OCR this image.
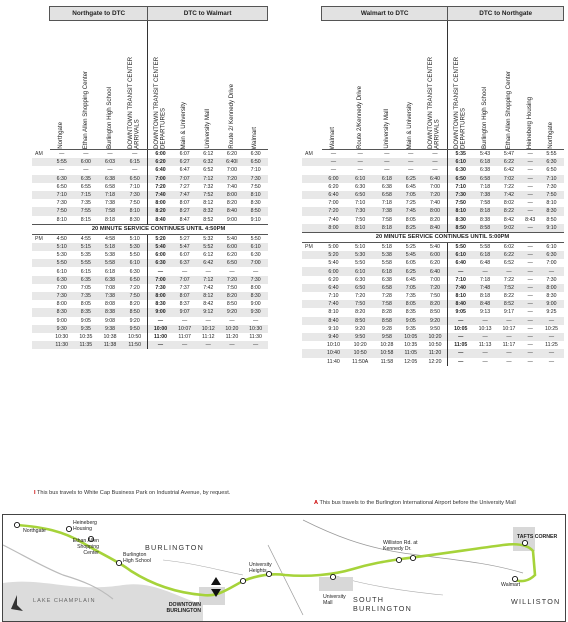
	Northgate to DTC				DTC to Walmart				

	Northgate	Ethan Allen Shopping Center	Burlington High School	DOWNTOWN TRANSIT CENTER ARRIVALS	DOWNTOWN TRANSIT CENTER DEPARTURES	Main & University	University Mall	Route 2/ Kennedy Drive	Walmart

AM	—	—	—	—	6:00	6:07	6:12	6:20	6:30
	5:55	6:00	6:03	6:15	6:20	6:27	6:32	6:40I	6:50
	—	—	—	—	6:40	6:47	6:52	7:00	7:10
	6:30	6:35	6:38	6:50	7:00	7:07	7:12	7:20	7:30
	6:50	6:55	6:58	7:10	7:20	7:27	7:32	7:40	7:50
	7:10	7:15	7:18	7:30	7:40	7:47	7:52	8:00	8:10
	7:30	7:35	7:38	7:50	8:00	8:07	8:12	8:20	8:30
	7:50	7:55	7:58	8:10	8:20	8:27	8:32	8:40	8:50
	8:10	8:15	8:18	8:30	8:40	8:47	8:52	9:00	9:10
	20 MINUTE SERVICE CONTINUES UNTIL 4:50PM								
PM	4:50	4:55	4:58	5:10	5:20	5:27	5:32	5:40	5:50
	5:10	5:15	5:18	5:30	5:40	5:47	5:52	6:00	6:10
	5:30	5:35	5:38	5:50	6:00	6:07	6:12	6:20	6:30
	5:50	5:55	5:58	6:10	6:30	6:37	6:42	6:50	7:00
	6:10	6:15	6:18	6:30	—	—	—	—	—
	6:30	6:35	6:38	6:50	7:00	7:07	7:12	7:20	7:30
	7:00	7:05	7:08	7:20	7:30	7:37	7:42	7:50	8:00
	7:30	7:35	7:38	7:50	8:00	8:07	8:12	8:20	8:30
	8:00	8:05	8:08	8:20	8:30	8:37	8:42	8:50	9:00
	8:30	8:35	8:38	8:50	9:00	9:07	9:12	9:20	9:30
	9:00	9:05	9:08	9:20	—	—	—	—	—
	9:30	9:35	9:38	9:50	10:00	10:07	10:12	10:20	10:30
	10:30	10:35	10:38	10:50	11:00	11:07	11:12	11:20	11:30
	11:30	11:35	11:38	11:50	—	—	—	—	—
	Walmart to DTC					DTC to Northgate				

	Walmart	Route 2/Kennedy Drive	University Mall	Main & University	DOWNTOWN TRANSIT CENTER ARRIVALS	DOWNTOWN TRANSIT CENTER DEPARTURES	Burlington High School	Ethan Allen Shopping Center	Heineberg Housing	Northgate

AM	—	—	—	—	—	5:35	5:43	5:47	—	5:55
	—	—	—	—	—	6:10	6:18	6:22	—	6:30
	—	—	—	—	—	6:30	6:38	6:42	—	6:50
	6:00	6:10	6:18	6:25	6:40	6:50	6:58	7:02	—	7:10
	6:20	6:30	6:38	6:45	7:00	7:10	7:18	7:22	—	7:30
	6:40	6:50	6:58	7:05	7:20	7:30	7:38	7:42	—	7:50
	7:00	7:10	7:18	7:25	7:40	7:50	7:58	8:02	—	8:10
	7:20	7:30	7:38	7:45	8:00	8:10	8:18	8:22	—	8:30
	7:40	7:50	7:58	8:05	8:20	8:30	8:38	8:42	8:43	8:50
	8:00	8:10	8:18	8:25	8:40	8:50	8:58	9:02	—	9:10
	20 MINUTE SERVICE CONTINUES UNTIL 5:00PM									
PM	5:00	5:10	5:18	5:25	5:40	5:50	5:58	6:02	—	6:10
	5:20	5:30	5:38	5:45	6:00	6:10	6:18	6:22	—	6:30
	5:40	5:50	5:58	6:05	6:20	6:40	6:48	6:52	—	7:00
	6:00	6:10	6:18	6:25	6:40	—	—	—	—	—
	6:20	6:30	6:38	6:45	7:00	7:10	7:18	7:22	—	7:30
	6:40	6:50	6:58	7:05	7:20	7:40	7:48	7:52	—	8:00
	7:10	7:20	7:28	7:35	7:50	8:10	8:18	8:22	—	8:30
	7:40	7:50	7:58	8:05	8:20	8:40	8:48	8:52	—	9:00
	8:10	8:20	8:28	8:35	8:50	9:05	9:13	9:17	—	9:25
	8:40	8:50	8:58	9:05	9:20	—	—	—	—	—
	9:10	9:20	9:28	9:35	9:50	10:05	10:13	10:17	—	10:25
	9:40	9:50	9:58	10:05	10:20	—	—	—	—	—
	10:10	10:20	10:28	10:35	10:50	11:05	11:13	11:17	—	11:25
	10:40	10:50	10:58	11:05	11:20	—	—	—	—	—
	11:40	11:50A	11:58	12:05	12:20	—	—	—	—	—
I This bus travels to White Cap Business Park on Industrial Avenue, by request.
A This bus travels to the Burlington International Airport before the University Mall
Northgate
Heineberg Housing
Ethan Allen Shopping Center	Burlington High School
BURLINGTON
LAKE CHAMPLAIN
DOWNTOWN BURLINGTON
University Heights
University Mall	SOUTH BURLINGTON
Williston Rd. at Kennedy Dr.
TAFTS CORNER
Walmart
WILLISTON
